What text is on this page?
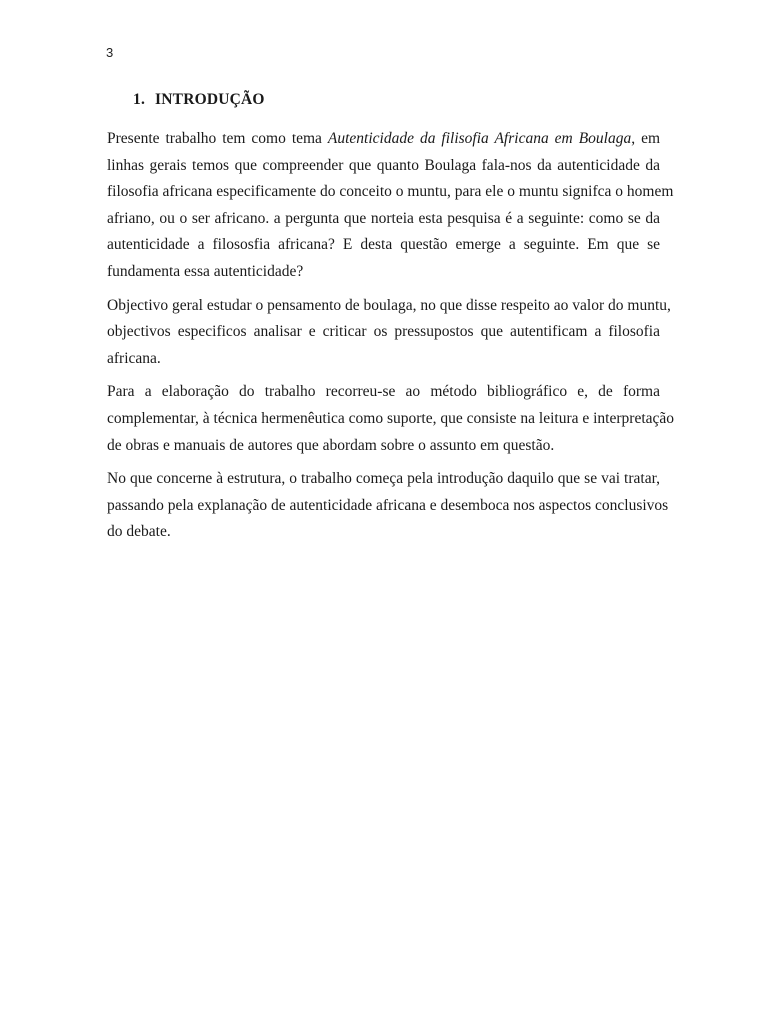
3
1. INTRODUÇÃO
Presente trabalho tem como tema Autenticidade da filisofia Africana em Boulaga, em
linhas gerais temos que compreender que quanto Boulaga fala-nos da autenticidade da
filosofia africana especificamente do conceito o muntu, para ele o muntu signifca o homem
afriano, ou o ser africano. a pergunta que norteia esta pesquisa é a seguinte: como se da
autenticidade a filososfia africana? E desta questão emerge a seguinte. Em que se
fundamenta essa autenticidade?
Objectivo geral estudar o pensamento de boulaga, no que disse respeito ao valor do muntu,
objectivos especificos analisar e criticar os pressupostos que autentificam a filosofia
africana.
Para a elaboração do trabalho recorreu-se ao método bibliográfico e, de forma
complementar, à técnica hermenêutica como suporte, que consiste na leitura e interpretação
de obras e manuais de autores que abordam sobre o assunto em questão.
No que concerne à estrutura, o trabalho começa pela introdução daquilo que se vai tratar,
passando pela explanação de autenticidade africana e desemboca nos aspectos conclusivos
do debate.
